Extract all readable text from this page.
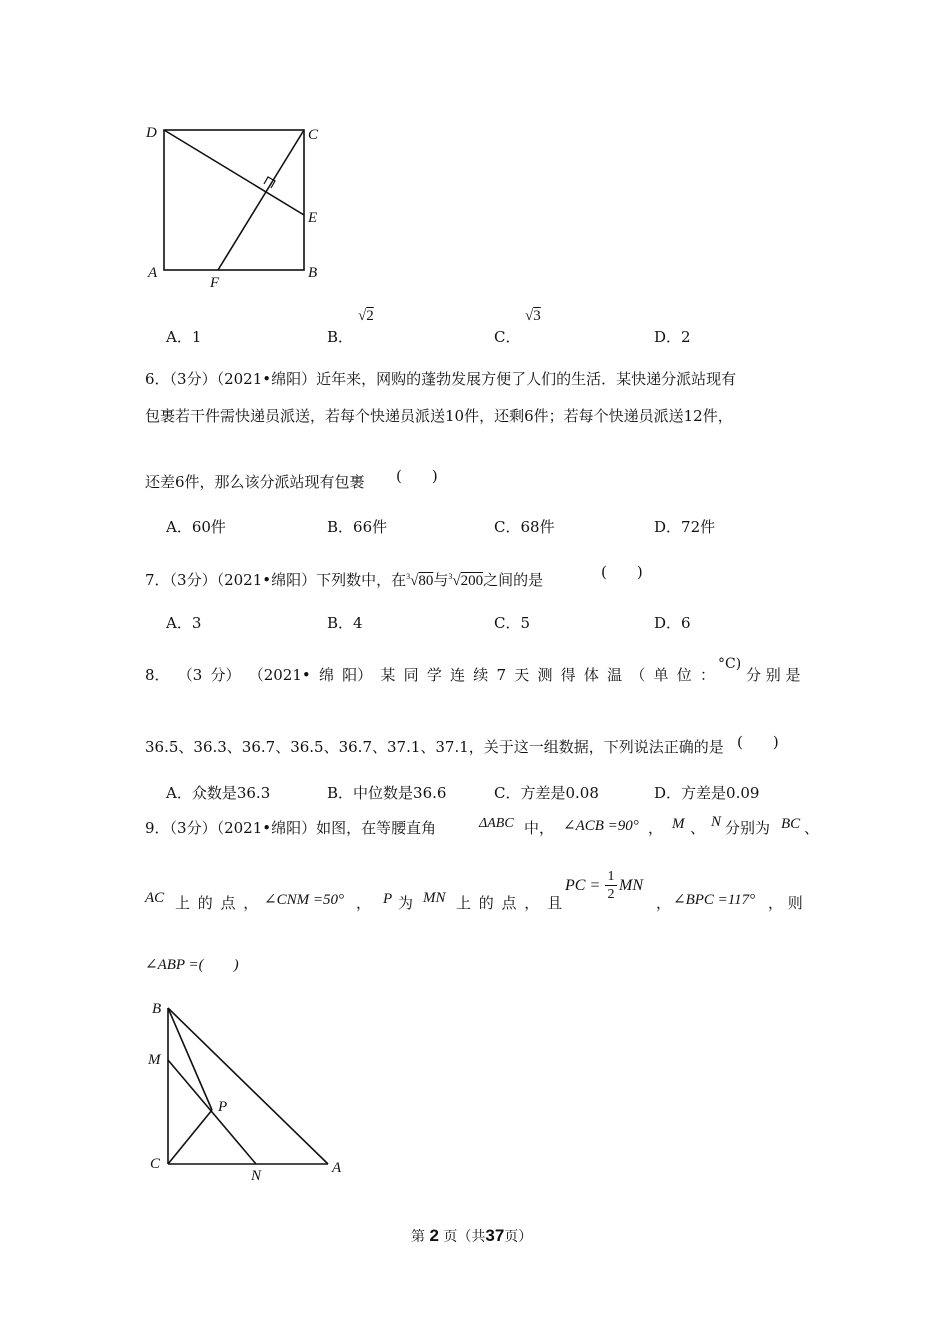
D	C
E
A	B
F
A．1	B．
√2
C．
√3
D．2
6．（3分）（2021•绵阳）近年来，网购的蓬勃发展方便了人们的生活．某快递分派站现有
包裹若干件需快递员派送，若每个快递员派送10件，还剩6件；若每个快递员派送12件，
还差6件，那么该分派站现有包裹 (　　)
A．60件	B．66件	C．68件	D．72件
7．（3分）（2021•绵阳）下列数中，在$^3$√80与$^3$√200之间的是	(　　)
A．3	B．4	C．5	D．6
8． （3 分） （2021• 绵 阳） 某 同 学 连 续 7 天 测 得 体 温 （ 单 位 ：
°C)
分 别 是
36.5、36.3、36.7、36.5、36.7、37.1、37.1，关于这一组数据，下列说法正确的是 (　　)
A．众数是36.3	B．中位数是36.6	C．方差是0.08	D．方差是0.09
9．（3分）（2021•绵阳）如图，在等腰直角	ΔABC 中， ∠ACB =90° ， M 、 N 分别为 BC 、
AC 上 的 点 ， ∠CNM =50° ， P 为 MN 上 的 点 ， 且
PC =
1
2
MN
， ∠BPC =117° ， 则
∠ABP =(　　)
B
M
P
C
N	A
第 2 页（共37页）
